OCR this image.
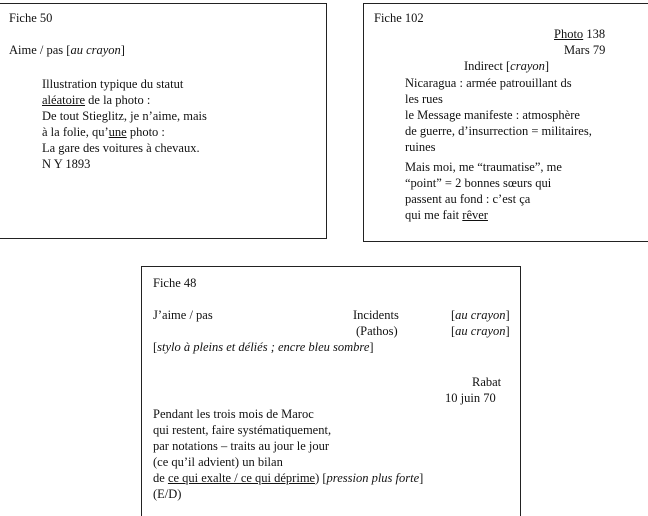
Fiche 50
Aime / pas [au crayon]
Illustration typique du statut
aléatoire de la photo :
De tout Stieglitz, je n’aime, mais
à la folie, qu’une photo :
La gare des voitures à chevaux.
N Y 1893
Fiche 102
Photo 138
Mars 79
Indirect [crayon]
Nicaragua : armée patrouillant ds
les rues
le Message manifeste : atmosphère
de guerre, d’insurrection = militaires,
ruines
Mais moi, me “traumatise”, me
“point” = 2 bonnes sœurs qui
passent au fond : c’est ça
qui me fait rêver
Fiche 48
J’aime / pas	Incidents
(Pathos)
[au crayon]
[au crayon]
[stylo à pleins et déliés ; encre bleu sombre]
Rabat
10 juin 70
Pendant les trois mois de Maroc
qui restent, faire systématiquement,
par notations – traits au jour le jour
(ce qu’il advient) un bilan
de ce qui exalte / ce qui déprime) [pression plus forte]
(E/D)
